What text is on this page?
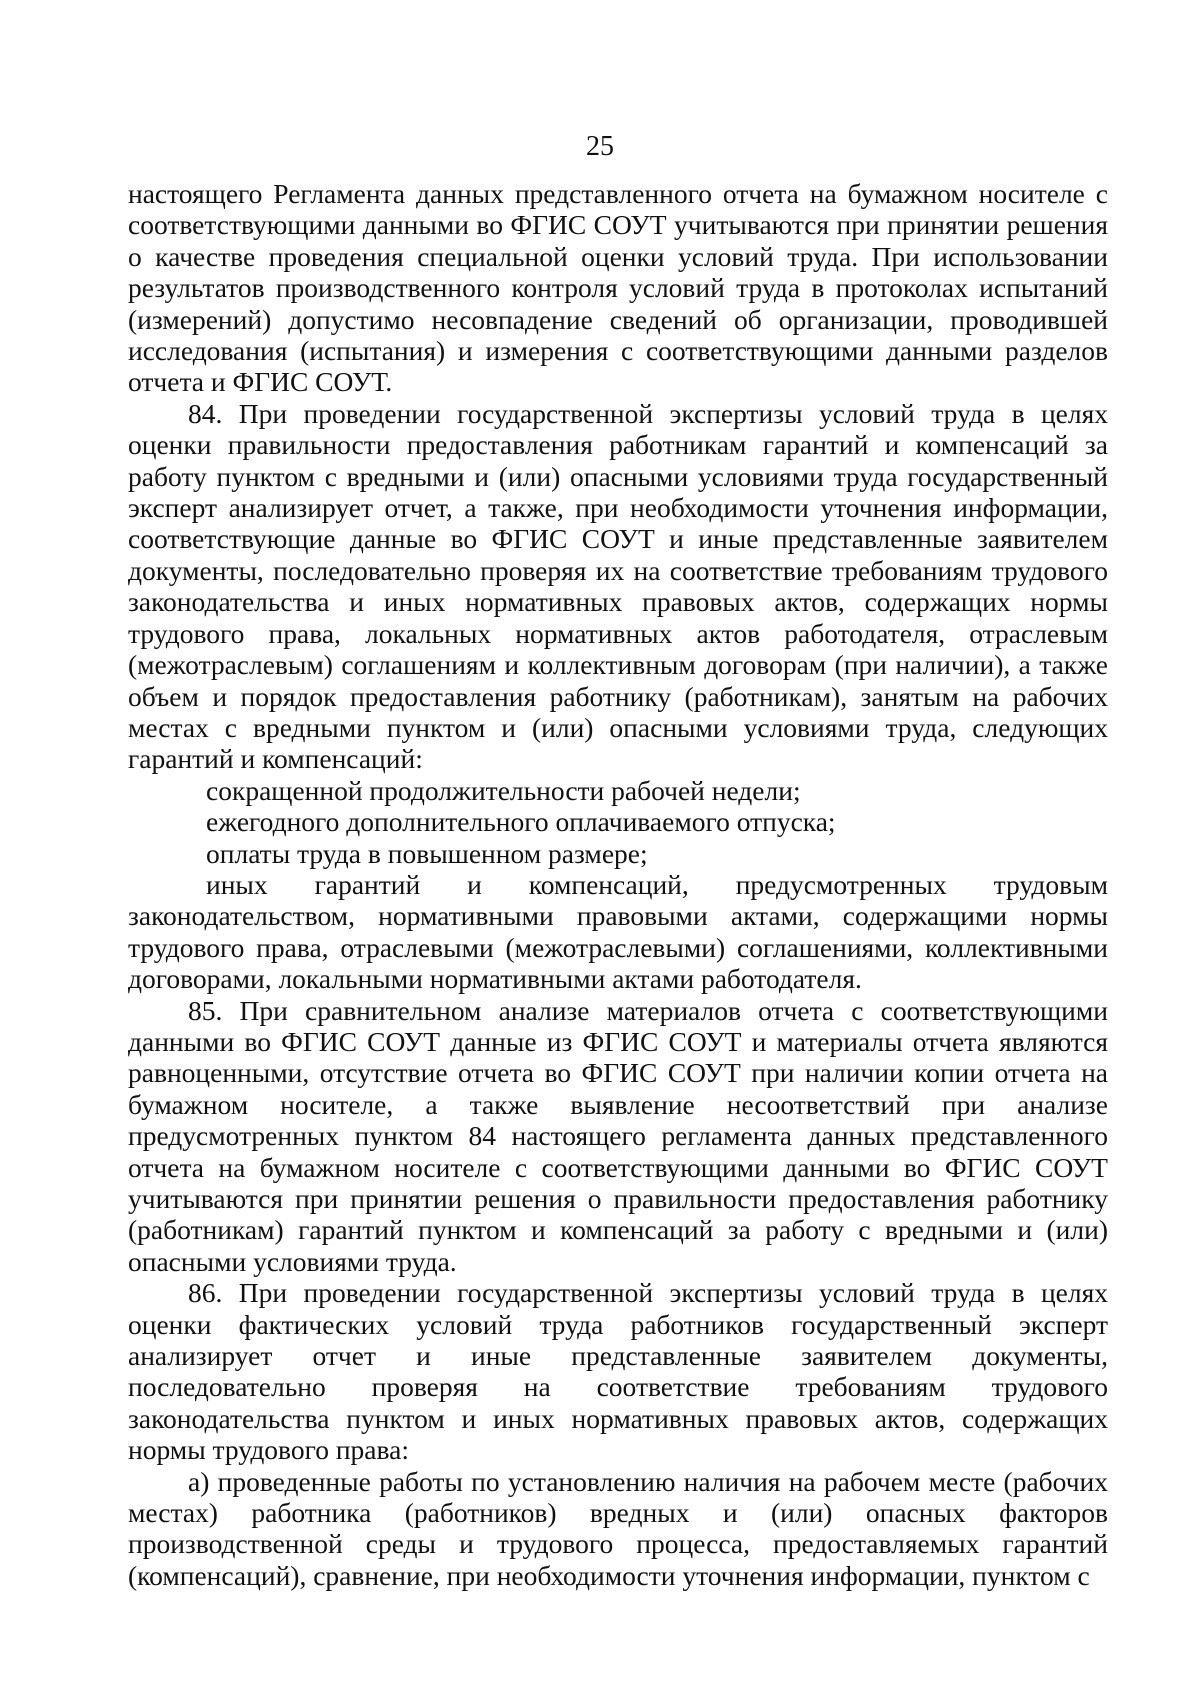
25

настоящего Регламента данных представленного отчета на бумажном носителе с соответствующими данными во ФГИС СОУТ учитываются при принятии решения о качестве проведения специальной оценки условий труда. При использовании результатов производственного контроля условий труда в протоколах испытаний (измерений) допустимо несовпадение сведений об организации, проводившей исследования (испытания) и измерения с соответствующими данными разделов отчета и ФГИС СОУТ.

84. При проведении государственной экспертизы условий труда в целях оценки правильности предоставления работникам гарантий и компенсаций за работу пунктом с вредными и (или) опасными условиями труда государственный эксперт анализирует отчет, а также, при необходимости уточнения информации, соответствующие данные во ФГИС СОУТ и иные представленные заявителем документы, последовательно проверяя их на соответствие требованиям трудового законодательства и иных нормативных правовых актов, содержащих нормы трудового права, локальных нормативных актов работодателя, отраслевым (межотраслевым) соглашениям и коллективным договорам (при наличии), а также объем и порядок предоставления работнику (работникам), занятым на рабочих местах с вредными пунктом и (или) опасными условиями труда, следующих гарантий и компенсаций:

сокращенной продолжительности рабочей недели;

ежегодного дополнительного оплачиваемого отпуска;

оплаты труда в повышенном размере;

иных гарантий и компенсаций, предусмотренных трудовым законодательством, нормативными правовыми актами, содержащими нормы трудового права, отраслевыми (межотраслевыми) соглашениями, коллективными договорами, локальными нормативными актами работодателя.

85. При сравнительном анализе материалов отчета с соответствующими данными во ФГИС СОУТ данные из ФГИС СОУТ и материалы отчета являются равноценными, отсутствие отчета во ФГИС СОУТ при наличии копии отчета на бумажном носителе, а также выявление несоответствий при анализе предусмотренных пунктом 84 настоящего регламента данных представленного отчета на бумажном носителе с соответствующими данными во ФГИС СОУТ учитываются при принятии решения о правильности предоставления работнику (работникам) гарантий пунктом и компенсаций за работу с вредными и (или) опасными условиями труда.

86. При проведении государственной экспертизы условий труда в целях оценки фактических условий труда работников государственный эксперт анализирует отчет и иные представленные заявителем документы, последовательно проверяя на соответствие требованиям трудового законодательства пунктом и иных нормативных правовых актов, содержащих нормы трудового права:

а) проведенные работы по установлению наличия на рабочем месте (рабочих местах) работника (работников) вредных и (или) опасных факторов производственной среды и трудового процесса, предоставляемых гарантий (компенсаций), сравнение, при необходимости уточнения информации, пунктом с
